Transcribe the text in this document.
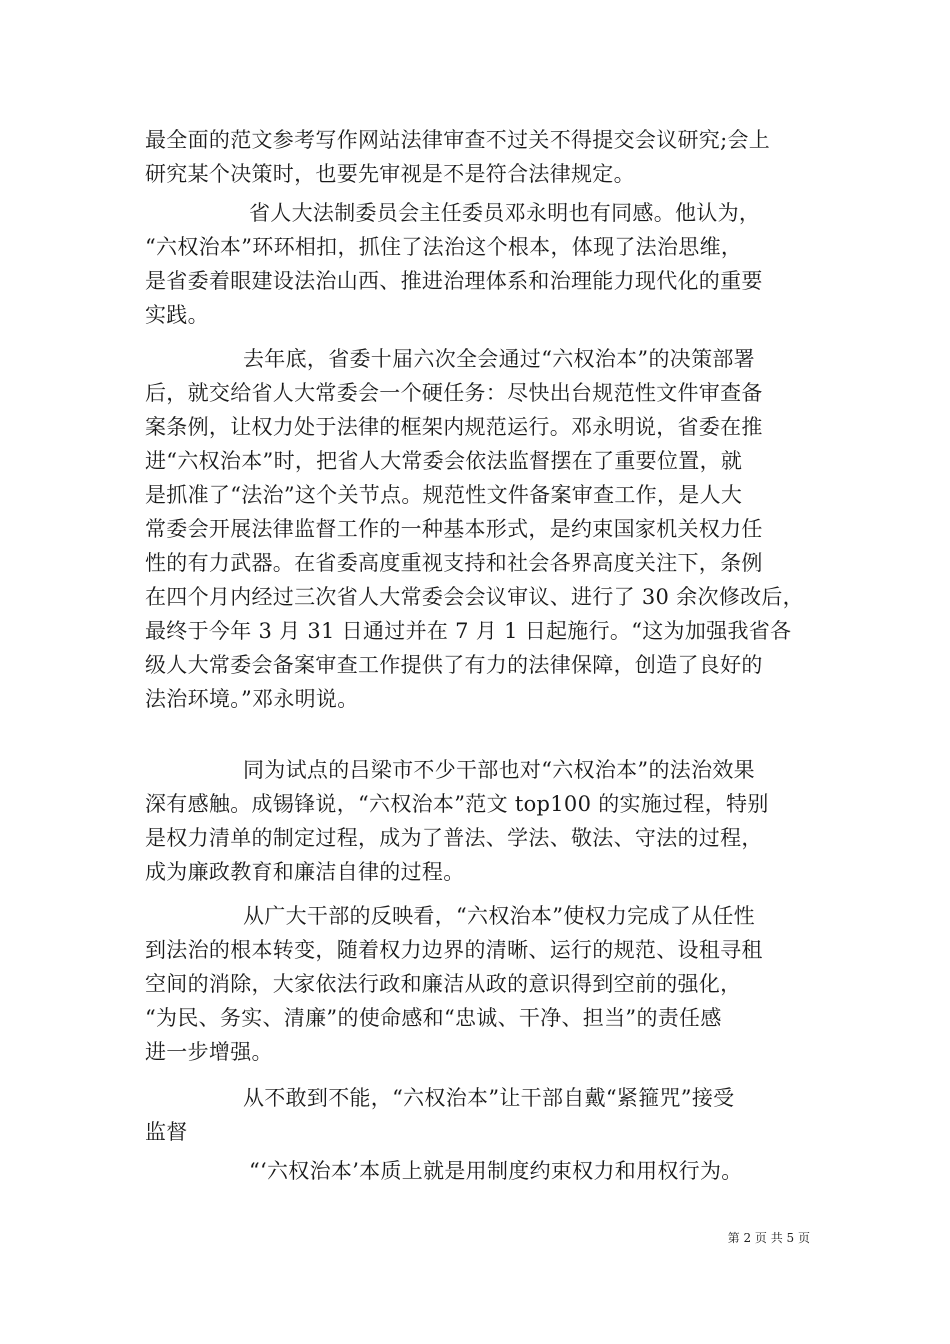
最全面的范文参考写作网站法律审查不过关不得提交会议研究;会上
研究某个决策时，也要先审视是不是符合法律规定。
省人大法制委员会主任委员邓永明也有同感。他认为，
“六权治本”环环相扣，抓住了法治这个根本，体现了法治思维，
是省委着眼建设法治山西、推进治理体系和治理能力现代化的重要
实践。
去年底，省委十届六次全会通过“六权治本”的决策部署
后，就交给省人大常委会一个硬任务：尽快出台规范性文件审查备
案条例，让权力处于法律的框架内规范运行。邓永明说，省委在推
进“六权治本”时，把省人大常委会依法监督摆在了重要位置，就
是抓准了“法治”这个关节点。规范性文件备案审查工作，是人大
常委会开展法律监督工作的一种基本形式，是约束国家机关权力任
性的有力武器。在省委高度重视支持和社会各界高度关注下，条例
在四个月内经过三次省人大常委会会议审议、进行了 30 余次修改后，
最终于今年 3 月 31 日通过并在 7 月 1 日起施行。“这为加强我省各
级人大常委会备案审查工作提供了有力的法律保障，创造了良好的
法治环境。”邓永明说。
同为试点的吕梁市不少干部也对“六权治本”的法治效果
深有感触。成锡锋说，“六权治本”范文 top100 的实施过程，特别
是权力清单的制定过程，成为了普法、学法、敬法、守法的过程，
成为廉政教育和廉洁自律的过程。
从广大干部的反映看，“六权治本”使权力完成了从任性
到法治的根本转变，随着权力边界的清晰、运行的规范、设租寻租
空间的消除，大家依法行政和廉洁从政的意识得到空前的强化，
“为民、务实、清廉”的使命感和“忠诚、干净、担当”的责任感
进一步增强。
从不敢到不能，“六权治本”让干部自戴“紧箍咒”接受
监督
“‘六权治本’本质上就是用制度约束权力和用权行为。
第 2 页 共 5 页
